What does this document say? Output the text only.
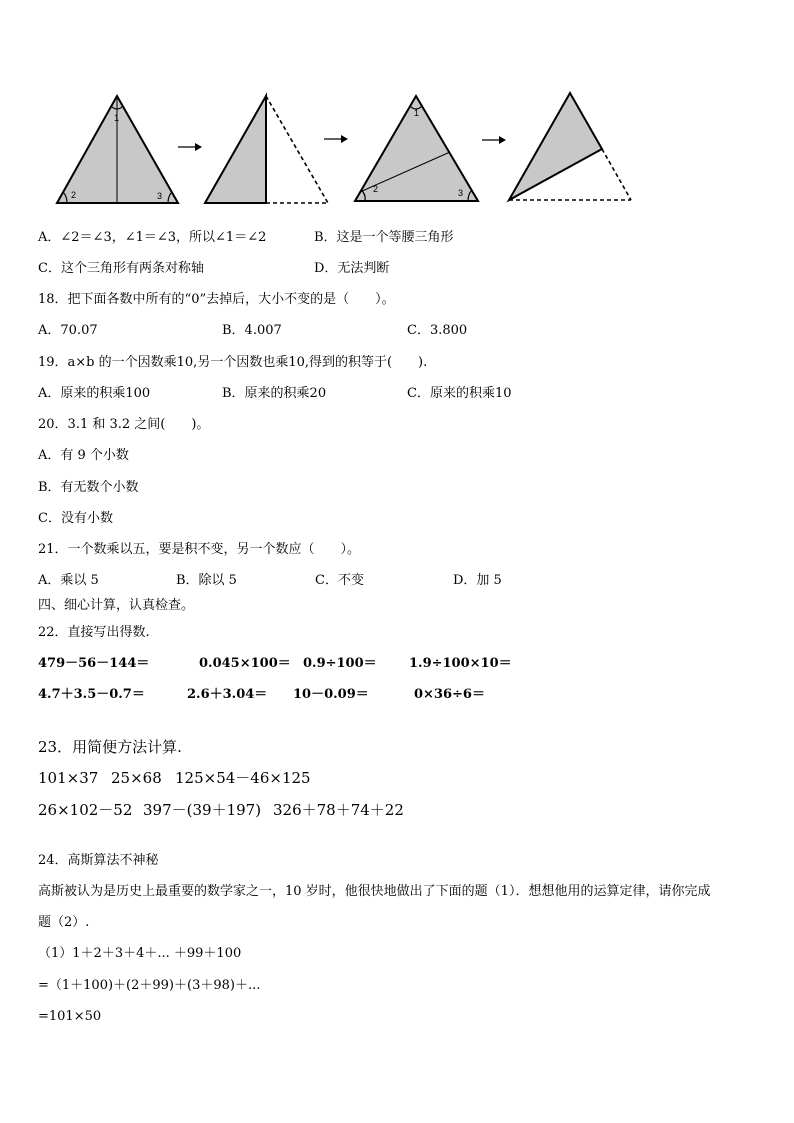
1
2	3
1
2	3
A．∠2＝∠3，∠1＝∠3，所以∠1＝∠2	B．这是一个等腰三角形
C．这个三角形有两条对称轴	D．无法判断
18．把下面各数中所有的“0”去掉后，大小不变的是（　　）。
A．70.07	B．4.007	C．3.800
19．a×b 的一个因数乘10,另一个因数也乘10,得到的积等于(　　).
A．原来的积乘100	B．原来的积乘20	C．原来的积乘10
20．3.1 和 3.2 之间(　　)。
A．有 9 个小数
B．有无数个小数
C．没有小数
21．一个数乘以五，要是积不变，另一个数应（　　）。
A．乘以 5	B．除以 5	C．不变	D．加 5
四、细心计算，认真检查。
22．直接写出得数.
479－56－144＝	0.045×100＝ 0.9÷100＝ 1.9÷100×10＝
4.7＋3.5－0.7＝	2.6＋3.04＝ 10－0.09＝	0×36÷6＝
23．用简便方法计算.
101×37 25×68 125×54－46×125
26×102－52 397－(39＋197) 326＋78＋74＋22
24．高斯算法不神秘
高斯被认为是历史上最重要的数学家之一，10 岁时，他很快地做出了下面的题（1）．想想他用的运算定律，请你完成
题（2）.
（1）1＋2＋3＋4＋... ＋99＋100
=（1＋100)＋(2＋99)＋(3＋98)＋...
=101×50
